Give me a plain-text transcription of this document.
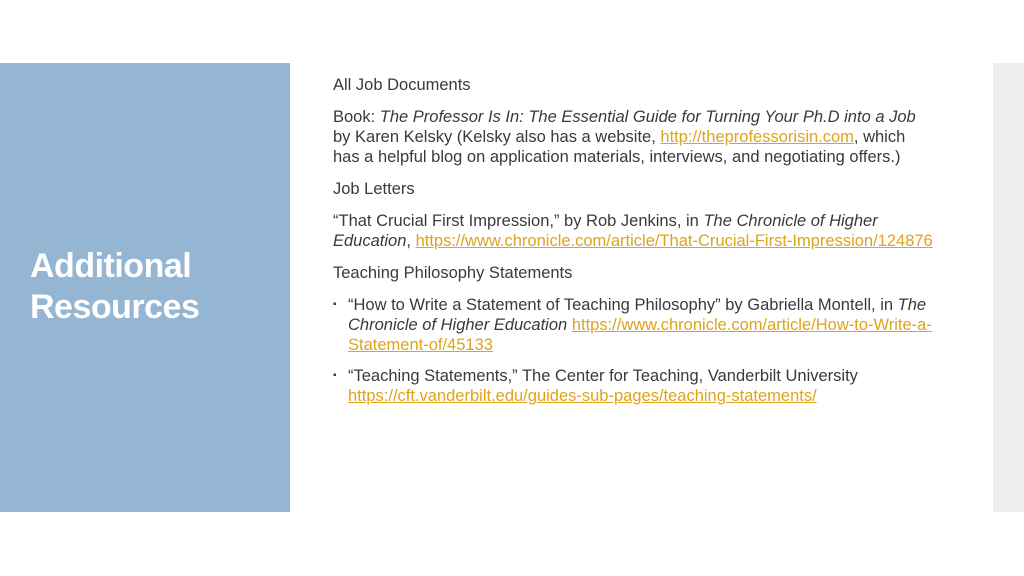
Additional Resources

All Job Documents

Book: The Professor Is In: The Essential Guide for Turning Your Ph.D into a Job by Karen Kelsky (Kelsky also has a website, http://theprofessorisin.com, which has a helpful blog on application materials, interviews, and negotiating offers.)

Job Letters

“That Crucial First Impression,” by Rob Jenkins, in The Chronicle of Higher Education, https://www.chronicle.com/article/That-Crucial-First-Impression/124876

Teaching Philosophy Statements

▪ “How to Write a Statement of Teaching Philosophy” by Gabriella Montell, in The Chronicle of Higher Education https://www.chronicle.com/article/How-to-Write-a-Statement-of/45133
▪ “Teaching Statements,” The Center for Teaching, Vanderbilt University https://cft.vanderbilt.edu/guides-sub-pages/teaching-statements/
